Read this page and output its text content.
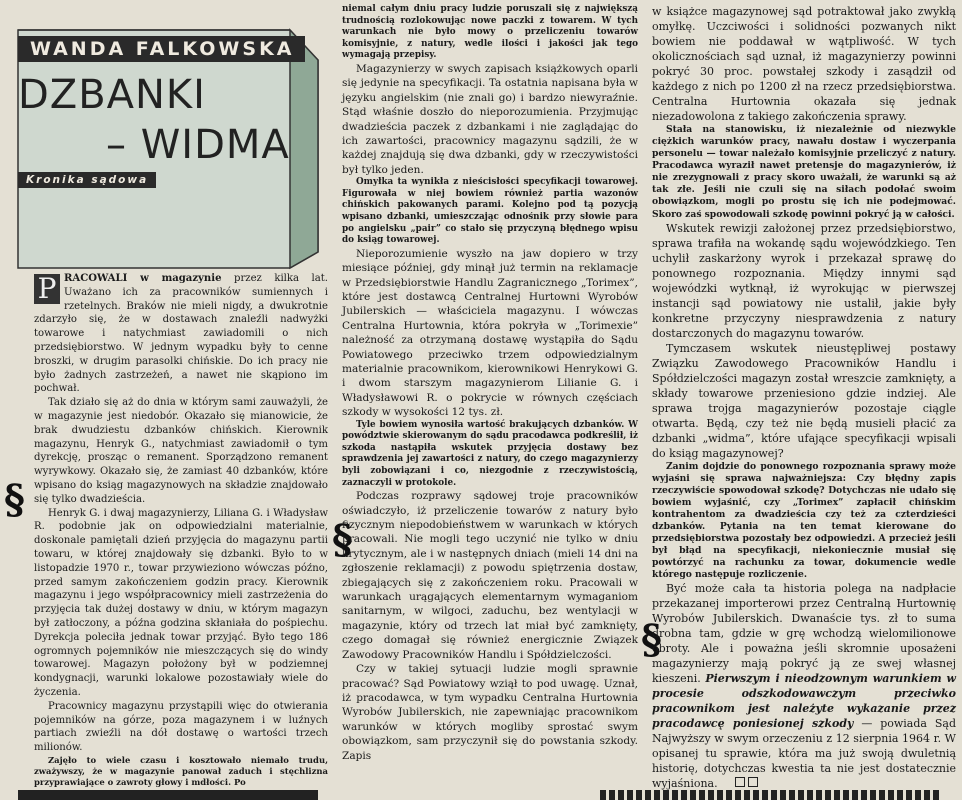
WANDA FALKOWSKA
DZBANKI
– WIDMA
Kronika sądowa
§
§
§

P RACOWALI w magazynie przez kilka lat. Uważano ich za pracowników sumiennych i rzetelnych. Braków nie mieli nigdy, a dwukrotnie zdarzyło się, że w dostawach znaleźli nadwyżki towarowe i natychmiast zawiadomili o nich przedsiębiorstwo. W jednym wypadku były to cenne broszki, w drugim parasolki chińskie. Do ich pracy nie było żadnych zastrzeżeń, a nawet nie skąpiono im pochwał.

Tak działo się aż do dnia w którym sami zauważyli, że w magazynie jest niedobór. Okazało się mianowicie, że brak dwudziestu dzbanków chińskich. Kierownik magazynu, Henryk G., natychmiast zawiadomił o tym dyrekcję, prosząc o remanent. Sporządzono remanent wyrywkowy. Okazało się, że zamiast 40 dzbanków, które wpisano do ksiąg magazynowych na składzie znajdowało się tylko dwadzieścia.

Henryk G. i dwaj magazynierzy, Liliana G. i Władysław R. podobnie jak on odpowiedzialni materialnie, doskonale pamiętali dzień przyjęcia do magazynu partii towaru, w której znajdowały się dzbanki. Było to w listopadzie 1970 r., towar przywieziono wówczas późno, przed samym zakończeniem godzin pracy. Kierownik magazynu i jego współpracownicy mieli zastrzeżenia do przyjęcia tak dużej dostawy w dniu, w którym magazyn był zatłoczony, a późna godzina skłaniała do pośpiechu. Dyrekcja poleciła jednak towar przyjąć. Było tego 186 ogromnych pojemników nie mieszczących się do windy towarowej. Magazyn położony był w podziemnej kondygnacji, warunki lokalowe pozostawiały wiele do życzenia.

Pracownicy magazynu przystąpili więc do otwierania pojemników na górze, poza magazynem i w luźnych partiach zwieźli na dół dostawę o wartości trzech milionów.

Zajęło to wiele czasu i kosztowało niemało trudu, zważywszy, że w magazynie panował zaduch i stęchlizna przyprawiające o zawroty głowy i mdłości. Po

niemal całym dniu pracy ludzie poruszali się z największą trudnością rozlokowując nowe paczki z towarem. W tych warunkach nie było mowy o przeliczeniu towarów komisyjnie, z natury, wedle ilości i jakości jak tego wymagają przepisy.

Magazynierzy w swych zapisach książkowych oparli się jedynie na specyfikacji. Ta ostatnia napisana była w języku angielskim (nie znali go) i bardzo niewyraźnie. Stąd właśnie doszło do nieporozumienia. Przyjmując dwadzieścia paczek z dzbankami i nie zaglądając do ich zawartości, pracownicy magazynu sądzili, że w każdej znajdują się dwa dzbanki, gdy w rzeczywistości był tylko jeden.

Omyłka ta wynikła z nieścisłości specyfikacji towarowej. Figurowała w niej bowiem również partia wazonów chińskich pakowanych parami. Kolejno pod tą pozycją wpisano dzbanki, umieszczając odnośnik przy słowie para po angielsku „pair” co stało się przyczyną błędnego wpisu do ksiąg towarowej.

Nieporozumienie wyszło na jaw dopiero w trzy miesiące później, gdy minął już termin na reklamacje w Przedsiębiorstwie Handlu Zagranicznego „Torimex”, które jest dostawcą Centralnej Hurtowni Wyrobów Jubilerskich — właściciela magazynu. I wówczas Centralna Hurtownia, która pokryła w „Torimexie” należność za otrzymaną dostawę wystąpiła do Sądu Powiatowego przeciwko trzem odpowiedzialnym materialnie pracownikom, kierownikowi Henrykowi G. i dwom starszym magazynierom Lilianie G. i Władysławowi R. o pokrycie w równych częściach szkody w wysokości 12 tys. zł.

Tyle bowiem wynosiła wartość brakujących dzbanków. W powództwie skierowanym do sądu pracodawca podkreślił, iż szkoda nastąpiła wskutek przyjęcia dostawy bez sprawdzenia jej zawartości z natury, do czego magazynierzy byli zobowiązani i co, niezgodnie z rzeczywistością, zaznaczyli w protokole.

Podczas rozprawy sądowej troje pracowników oświadczyło, iż przeliczenie towarów z natury było fizycznym niepodobieństwem w warunkach w których pracowali. Nie mogli tego uczynić nie tylko w dniu krytycznym, ale i w następnych dniach (mieli 14 dni na zgłoszenie reklamacji) z powodu spiętrzenia dostaw, zbiegających się z zakończeniem roku. Pracowali w warunkach urągających elementarnym wymaganiom sanitarnym, w wilgoci, zaduchu, bez wentylacji w magazynie, który od trzech lat miał być zamknięty, czego domagał się również energicznie Związek Zawodowy Pracowników Handlu i Spółdzielczości.

Czy w takiej sytuacji ludzie mogli sprawnie pracować? Sąd Powiatowy wziął to pod uwagę. Uznał, iż pracodawca, w tym wypadku Centralna Hurtownia Wyrobów Jubilerskich, nie zapewniając pracownikom warunków w których mogliby sprostać swym obowiązkom, sam przyczynił się do powstania szkody. Zapis

w książce magazynowej sąd potraktował jako zwykłą omyłkę. Uczciwości i solidności pozwanych nikt bowiem nie poddawał w wątpliwość. W tych okolicznościach sąd uznał, iż magazynierzy powinni pokryć 30 proc. powstałej szkody i zasądził od każdego z nich po 1200 zł na rzecz przedsiębiorstwa. Centralna Hurtownia okazała się jednak niezadowolona z takiego zakończenia sprawy.

Stała na stanowisku, iż niezależnie od niezwykle ciężkich warunków pracy, nawału dostaw i wyczerpania personelu — towar należało komisyjnie przeliczyć z natury. Pracodawca wyraził nawet pretensje do magazynierów, iż nie zrezygnowali z pracy skoro uważali, że warunki są aż tak złe. Jeśli nie czuli się na siłach podołać swoim obowiązkom, mogli po prostu się ich nie podejmować. Skoro zaś spowodowali szkodę powinni pokryć ją w całości.

Wskutek rewizji założonej przez przedsiębiorstwo, sprawa trafiła na wokandę sądu wojewódzkiego. Ten uchylił zaskarżony wyrok i przekazał sprawę do ponownego rozpoznania. Między innymi sąd wojewódzki wytknął, iż wyrokując w pierwszej instancji sąd powiatowy nie ustalił, jakie były konkretne przyczyny niesprawdzenia z natury dostarczonych do magazynu towarów.

Tymczasem wskutek nieustępliwej postawy Związku Zawodowego Pracowników Handlu i Spółdzielczości magazyn został wreszcie zamknięty, a składy towarowe przeniesiono gdzie indziej. Ale sprawa trojga magazynierów pozostaje ciągle otwarta. Będą, czy też nie będą musieli płacić za dzbanki „widma”, które ufające specyfikacji wpisali do ksiąg magazynowej?

Zanim dojdzie do ponownego rozpoznania sprawy może wyjaśni się sprawa najważniejsza: Czy błędny zapis rzeczywiście spowodował szkodę? Dotychczas nie udało się bowiem wyjaśnić, czy „Torimex” zapłacił chińskim kontrahentom za dwadzieścia czy też za czterdzieści dzbanków. Pytania na ten temat kierowane do przedsiębiorstwa pozostały bez odpowiedzi. A przecież jeśli był błąd na specyfikacji, niekoniecznie musiał się powtórzyć na rachunku za towar, dokumencie wedle którego następuje rozliczenie.

Być może cała ta historia polega na nadpłacie przekazanej importerowi przez Centralną Hurtownię Wyrobów Jubilerskich. Dwanaście tys. zł to suma drobna tam, gdzie w grę wchodzą wielomilionowe obroty. Ale i poważna jeśli skromnie uposażeni magazynierzy mają pokryć ją ze swej własnej kieszeni. Pierwszym i nieodzownym warunkiem w procesie odszkodowawczym przeciwko pracownikom jest należyte wykazanie przez pracodawcę poniesionej szkody — powiada Sąd Najwyższy w swym orzeczeniu z 12 sierpnia 1964 r. W opisanej tu sprawie, która ma już swoją dwuletnią historię, dotychczas kwestia ta nie jest dostatecznie wyjaśniona.
